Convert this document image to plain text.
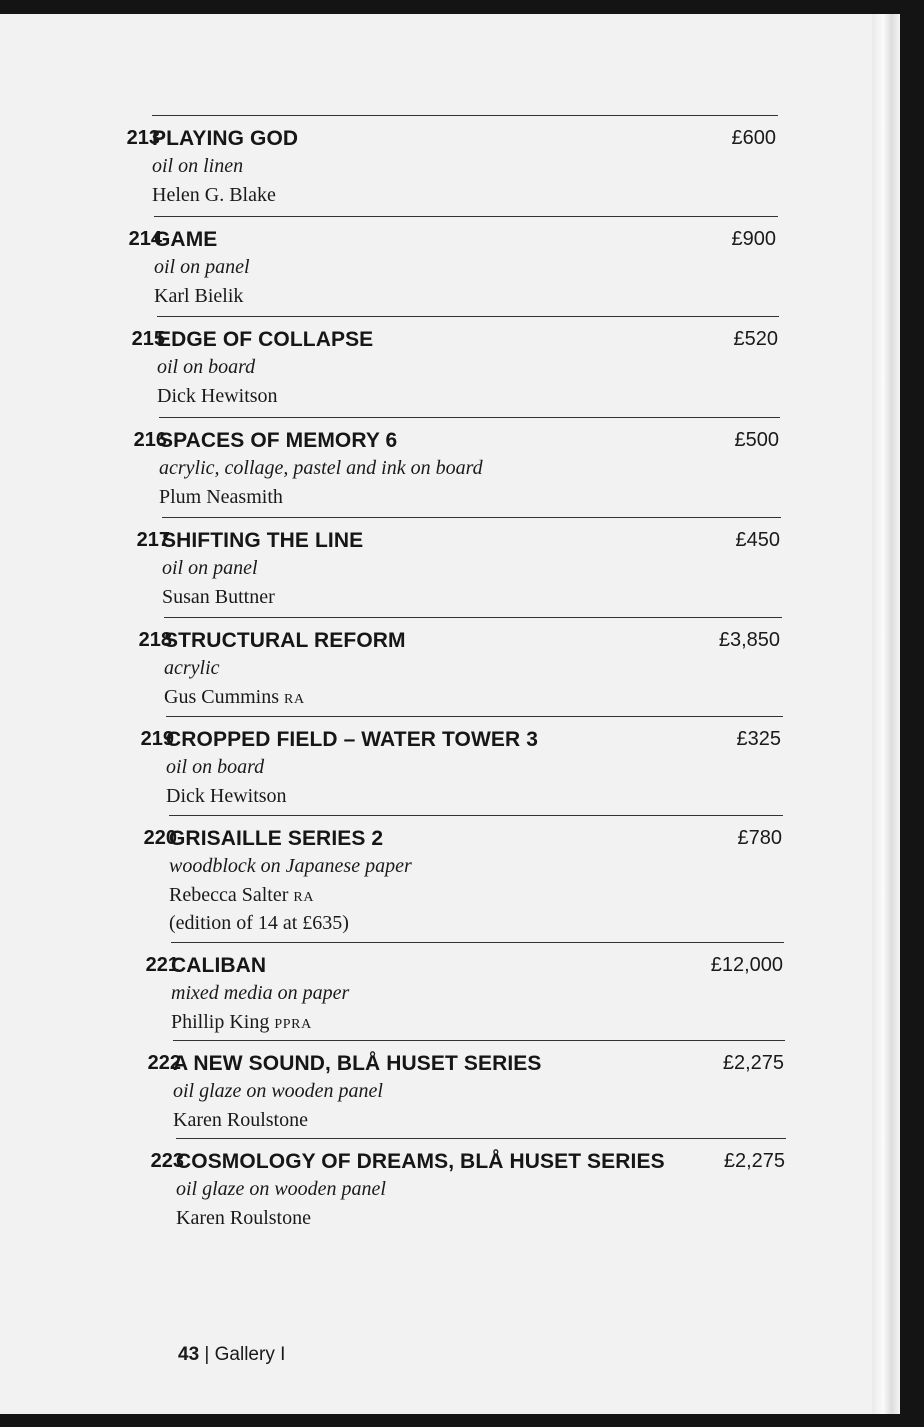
213
PLAYING GOD
oil on linen
Helen G. Blake
£600
214
GAME
oil on panel
Karl Bielik
£900
215
EDGE OF COLLAPSE
oil on board
Dick Hewitson
£520
216
SPACES OF MEMORY 6
acrylic, collage, pastel and ink on board
Plum Neasmith
£500
217
SHIFTING THE LINE
oil on panel
Susan Buttner
£450
218
STRUCTURAL REFORM
acrylic
Gus Cummins RA
£3,850
219
CROPPED FIELD – WATER TOWER 3
oil on board
Dick Hewitson
£325
220
GRISAILLE SERIES 2
woodblock on Japanese paper
Rebecca Salter RA
(edition of 14 at £635)
£780
221
CALIBAN
mixed media on paper
Phillip King PPRA
£12,000
222
A NEW SOUND, BLÅ HUSET SERIES
oil glaze on wooden panel
Karen Roulstone
£2,275
223
COSMOLOGY OF DREAMS, BLÅ HUSET SERIES
oil glaze on wooden panel
Karen Roulstone
£2,275
43 | Gallery I
